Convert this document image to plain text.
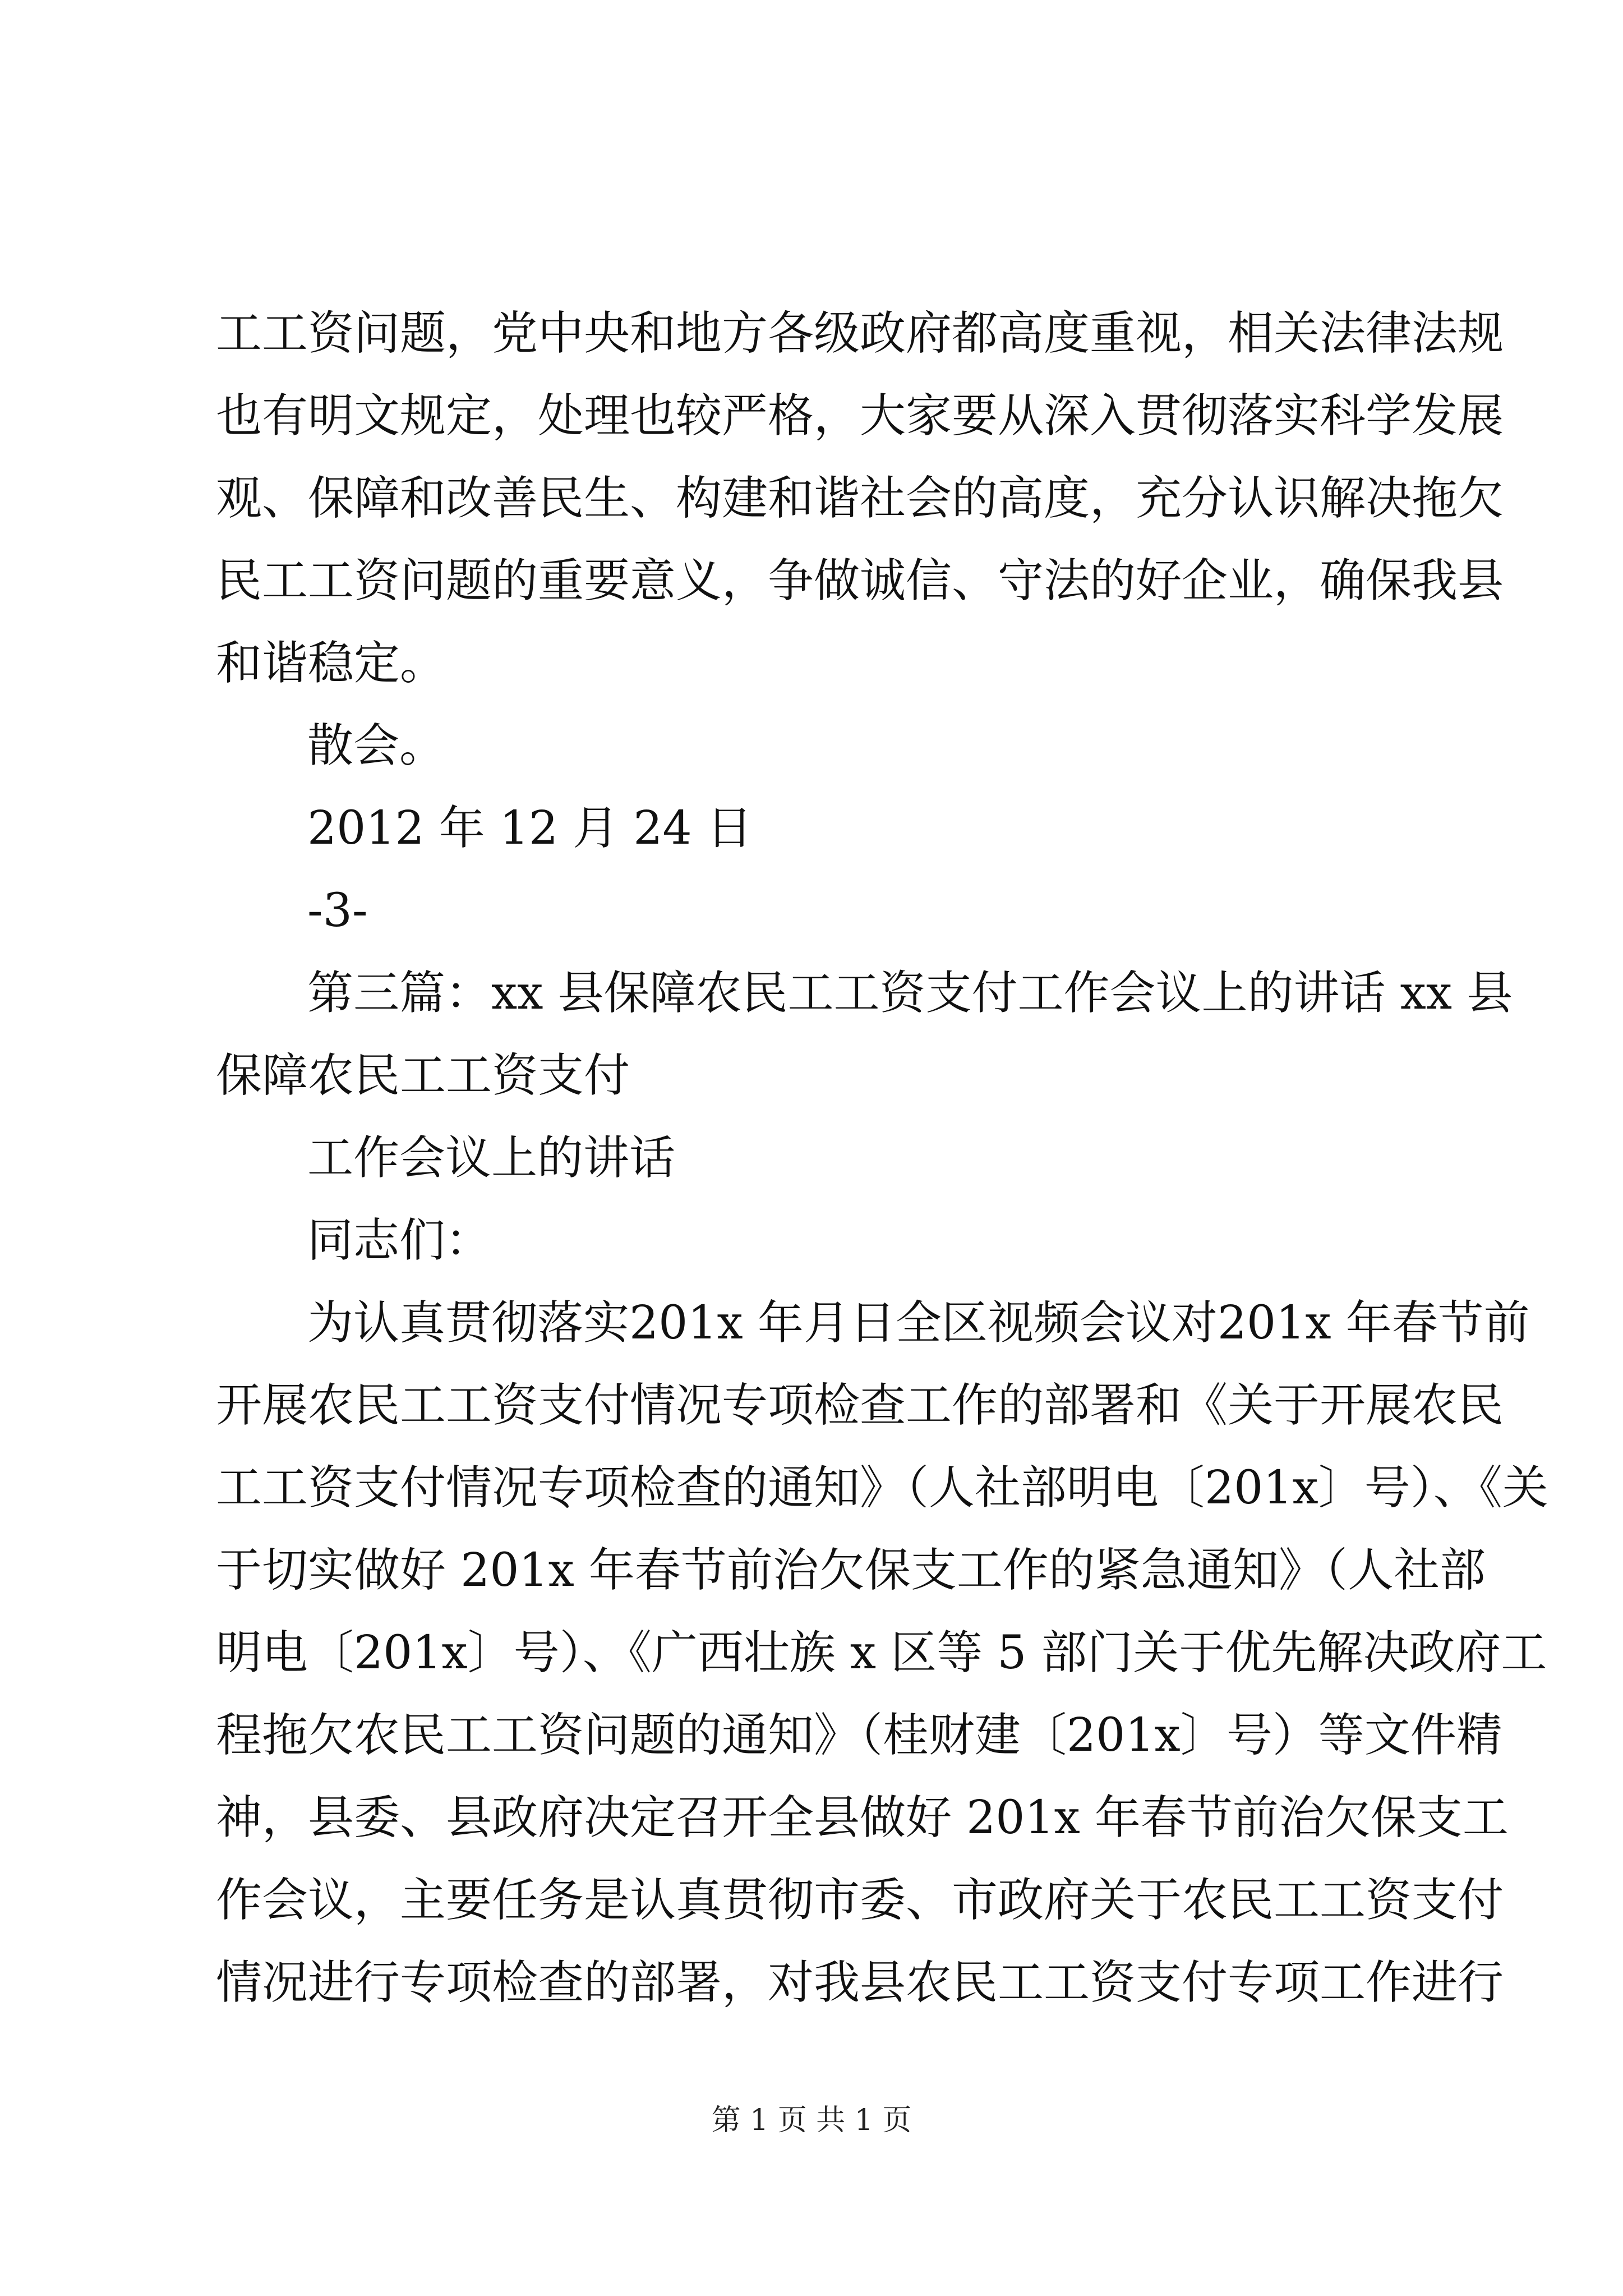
工工资问题，党中央和地方各级政府都高度重视，相关法律法规
也有明文规定，处理也较严格，大家要从深入贯彻落实科学发展
观、保障和改善民生、构建和谐社会的高度，充分认识解决拖欠
民工工资问题的重要意义，争做诚信、守法的好企业，确保我县
和谐稳定。
散会。
2012 年 12 月 24 日
-3-
第三篇：xx 县保障农民工工资支付工作会议上的讲话 xx 县
保障农民工工资支付
工作会议上的讲话
同志们：
为认真贯彻落实201x 年月日全区视频会议对201x 年春节前
开展农民工工资支付情况专项检查工作的部署和《关于开展农民
工工资支付情况专项检查的通知》（人社部明电〔201x〕号）、《关
于切实做好 201x 年春节前治欠保支工作的紧急通知》（人社部
明电〔201x〕号）、《广西壮族 x 区等 5 部门关于优先解决政府工
程拖欠农民工工资问题的通知》（桂财建〔201x〕号）等文件精
神，县委、县政府决定召开全县做好 201x 年春节前治欠保支工
作会议，主要任务是认真贯彻市委、市政府关于农民工工资支付
情况进行专项检查的部署，对我县农民工工资支付专项工作进行
第 1 页 共 1 页
